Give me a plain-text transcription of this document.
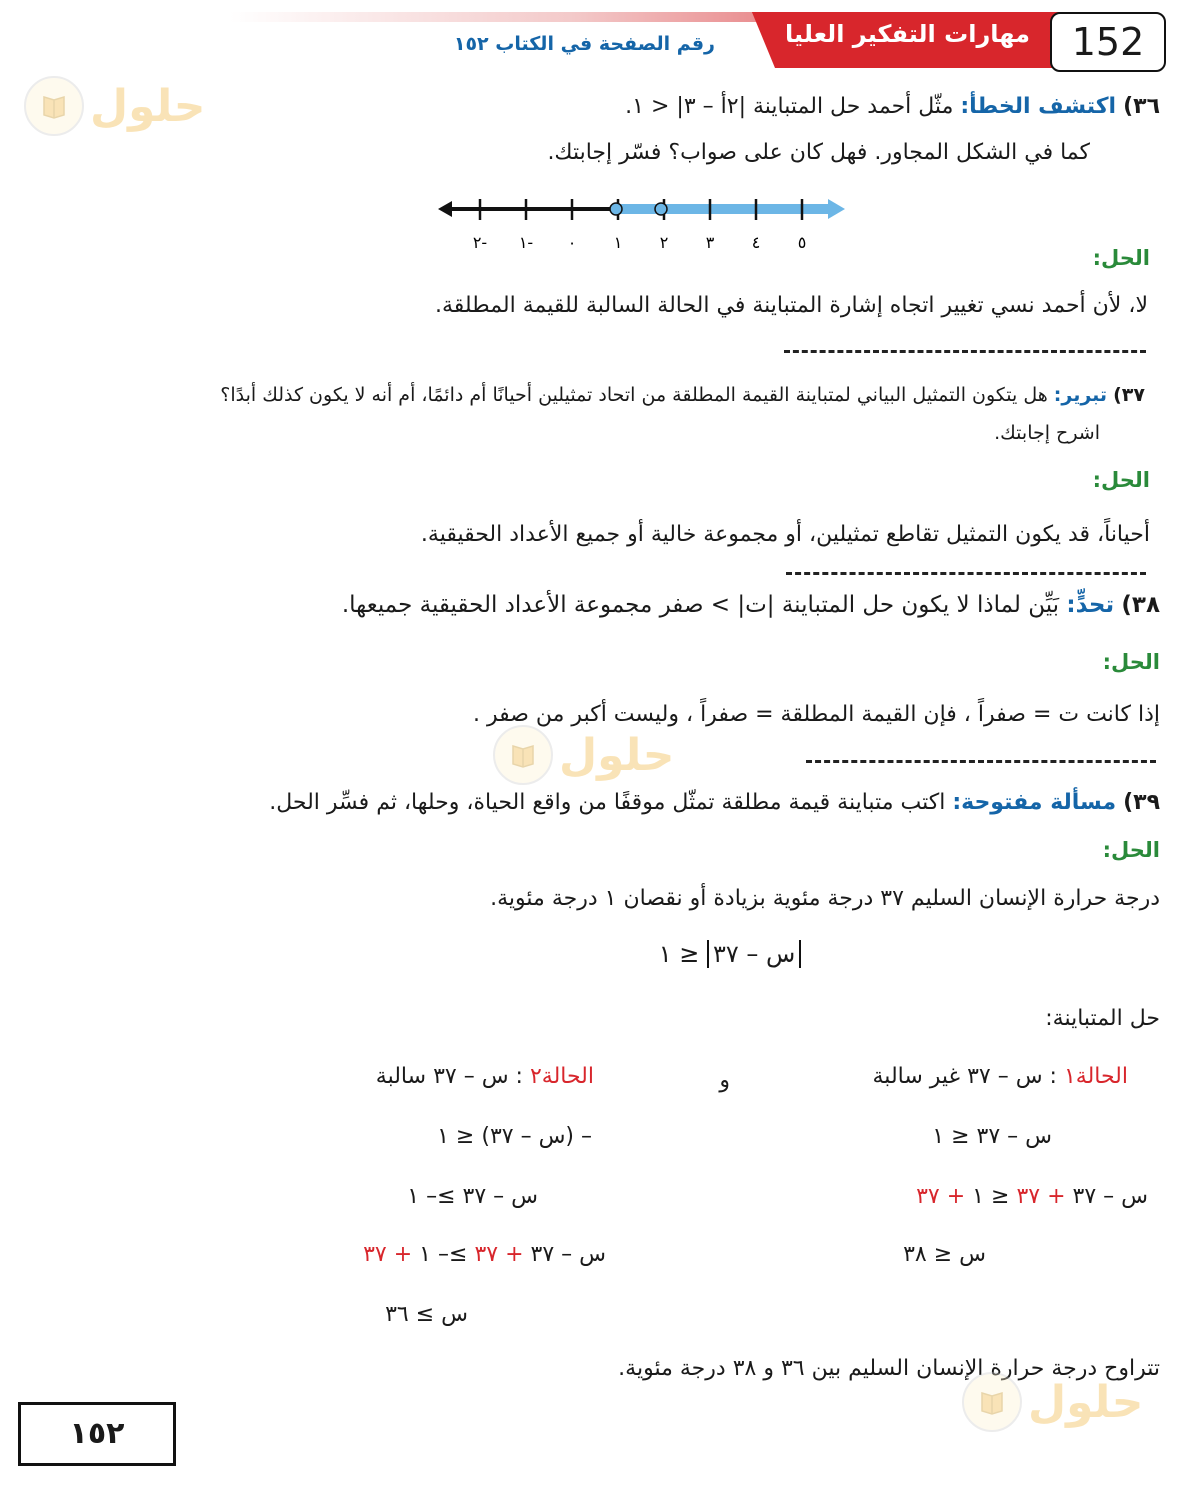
مهارات التفكير العليا	152
رقم الصفحة في الكتاب ١٥٢
حلول	٣٦) اكتشف الخطأ: مثّل أحمد حل المتباينة |٢أ – ٣| < ١.
كما في الشكل المجاور. فهل كان على صواب؟ فسّر إجابتك.
٢- ١- ٠ ١ ٢ ٣ ٤ ٥
الحل:
لا، لأن أحمد نسي تغيير اتجاه إشارة المتباينة في الحالة السالبة للقيمة المطلقة.
٣٧) تبرير: هل يتكون التمثيل البياني لمتباينة القيمة المطلقة من اتحاد تمثيلين أحيانًا أم دائمًا، أم أنه لا يكون كذلك أبدًا؟
اشرح إجابتك.
الحل:
أحياناً، قد يكون التمثيل تقاطع تمثيلين، أو مجموعة خالية أو جميع الأعداد الحقيقية.
٣٨) تحدٍّ: بَيِّن لماذا لا يكون حل المتباينة |ت| > صفر مجموعة الأعداد الحقيقية جميعها.
الحل:
إذا كانت ت = صفراً ، فإن القيمة المطلقة = صفراً ، وليست أكبر من صفر .
حلول
٣٩) مسألة مفتوحة: اكتب متباينة قيمة مطلقة تمثّل موقفًا من واقع الحياة، وحلها، ثم فسِّر الحل.
الحل:
درجة حرارة الإنسان السليم ٣٧ درجة مئوية بزيادة أو نقصان ١ درجة مئوية.
س – ٣٧ ≤ ١
حل المتباينة:
الحالة١ : س – ٣٧ غير سالبة
س – ٣٧ ≤ ١
س – ٣٧ + ٣٧ ≤ ١ + ٣٧
س ≤ ٣٨
و
الحالة٢ : س – ٣٧ سالبة
– (س – ٣٧) ≤ ١
س – ٣٧ ≥– ١
س – ٣٧ + ٣٧ ≥– ١ + ٣٧
س ≥ ٣٦
تتراوح درجة حرارة الإنسان السليم بين ٣٦ و ٣٨ درجة مئوية.
حلول
١٥٢
